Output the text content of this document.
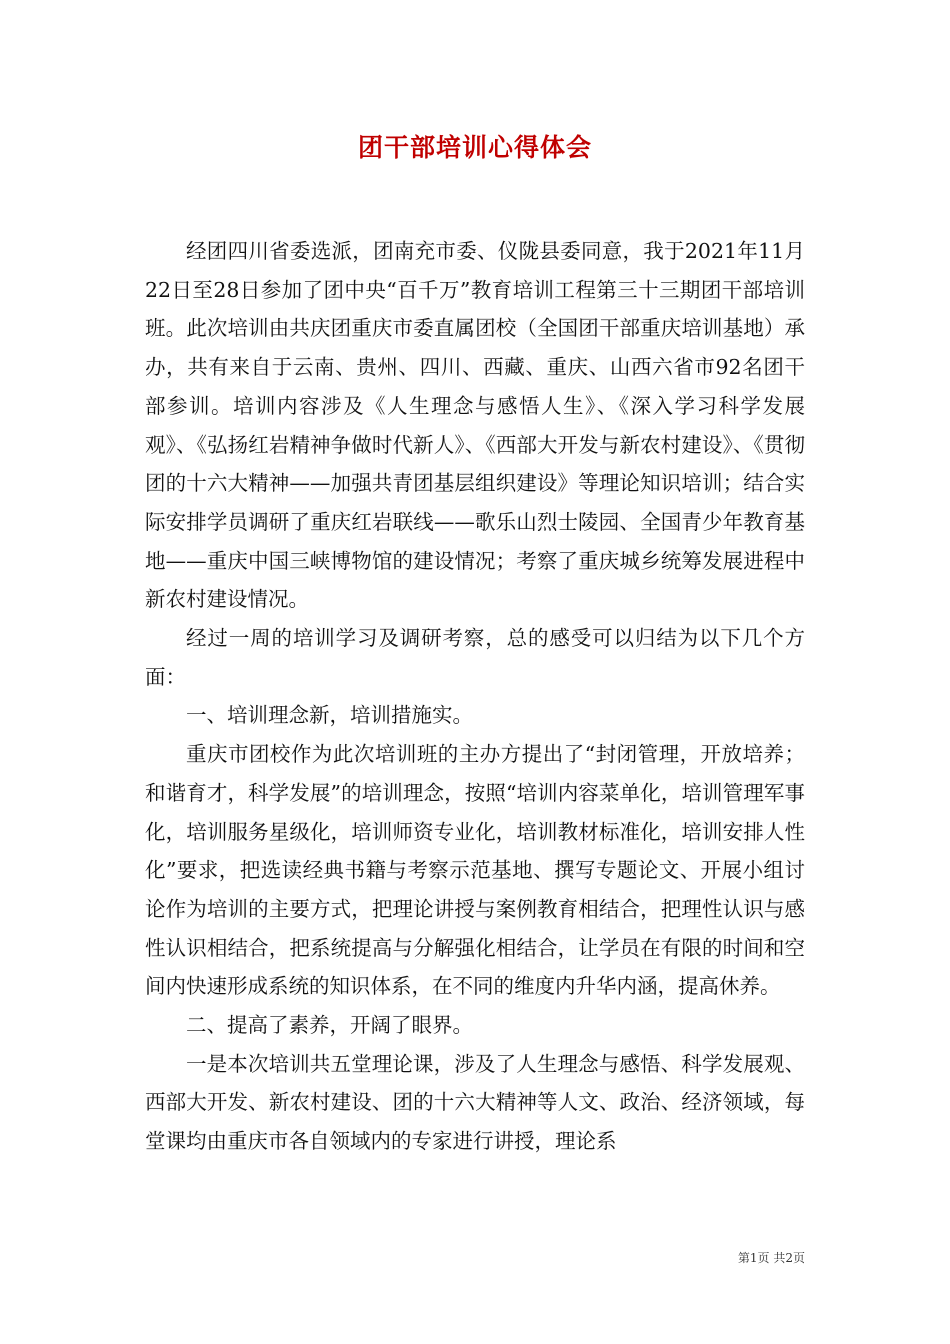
团干部培训心得体会

经团四川省委选派，团南充市委、仪陇县委同意，我于2021年11月22日至28日参加了团中央“百千万”教育培训工程第三十三期团干部培训班。此次培训由共庆团重庆市委直属团校（全国团干部重庆培训基地）承办，共有来自于云南、贵州、四川、西藏、重庆、山西六省市92名团干部参训。培训内容涉及《人生理念与感悟人生》、《深入学习科学发展观》、《弘扬红岩精神争做时代新人》、《西部大开发与新农村建设》、《贯彻团的十六大精神——加强共青团基层组织建设》等理论知识培训；结合实际安排学员调研了重庆红岩联线——歌乐山烈士陵园、全国青少年教育基地——重庆中国三峡博物馆的建设情况；考察了重庆城乡统筹发展进程中新农村建设情况。

经过一周的培训学习及调研考察，总的感受可以归结为以下几个方面：

一、培训理念新，培训措施实。

重庆市团校作为此次培训班的主办方提出了“封闭管理，开放培养；和谐育才，科学发展”的培训理念，按照“培训内容菜单化，培训管理军事化，培训服务星级化，培训师资专业化，培训教材标准化，培训安排人性化”要求，把选读经典书籍与考察示范基地、撰写专题论文、开展小组讨论作为培训的主要方式，把理论讲授与案例教育相结合，把理性认识与感性认识相结合，把系统提高与分解强化相结合，让学员在有限的时间和空间内快速形成系统的知识体系，在不同的维度内升华内涵，提高休养。

二、提高了素养，开阔了眼界。

一是本次培训共五堂理论课，涉及了人生理念与感悟、科学发展观、西部大开发、新农村建设、团的十六大精神等人文、政治、经济领域，每堂课均由重庆市各自领域内的专家进行讲授，理论系

第1页 共2页
